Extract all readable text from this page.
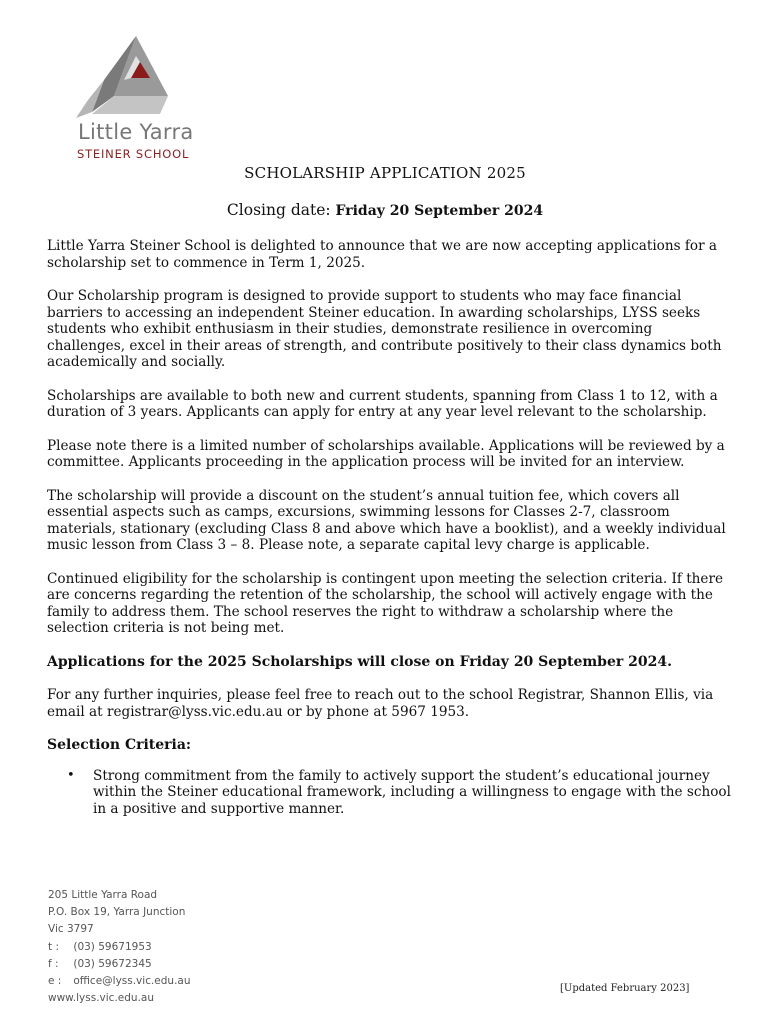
Little Yarra
STEINER SCHOOL
SCHOLARSHIP APPLICATION 2025
Closing date: Friday 20 September 2024

Little Yarra Steiner School is delighted to announce that we are now accepting applications for a scholarship set to commence in Term 1, 2025.

Our Scholarship program is designed to provide support to students who may face financial barriers to accessing an independent Steiner education. In awarding scholarships, LYSS seeks students who exhibit enthusiasm in their studies, demonstrate resilience in overcoming challenges, excel in their areas of strength, and contribute positively to their class dynamics both academically and socially.

Scholarships are available to both new and current students, spanning from Class 1 to 12, with a duration of 3 years. Applicants can apply for entry at any year level relevant to the scholarship.

Please note there is a limited number of scholarships available. Applications will be reviewed by a committee. Applicants proceeding in the application process will be invited for an interview.

The scholarship will provide a discount on the student’s annual tuition fee, which covers all essential aspects such as camps, excursions, swimming lessons for Classes 2-7, classroom materials, stationary (excluding Class 8 and above which have a booklist), and a weekly individual music lesson from Class 3 – 8. Please note, a separate capital levy charge is applicable.

Continued eligibility for the scholarship is contingent upon meeting the selection criteria. If there are concerns regarding the retention of the scholarship, the school will actively engage with the family to address them. The school reserves the right to withdraw a scholarship where the selection criteria is not being met.

Applications for the 2025 Scholarships will close on Friday 20 September 2024.

For any further inquiries, please feel free to reach out to the school Registrar, Shannon Ellis, via email at registrar@lyss.vic.edu.au or by phone at 5967 1953.

Selection Criteria:
• Strong commitment from the family to actively support the student’s educational journey within the Steiner educational framework, including a willingness to engage with the school in a positive and supportive manner.
205 Little Yarra Road
P.O. Box 19, Yarra Junction
Vic 3797
t : (03) 59671953
f : (03) 59672345
e : office@lyss.vic.edu.au
www.lyss.vic.edu.au
[Updated February 2023]
